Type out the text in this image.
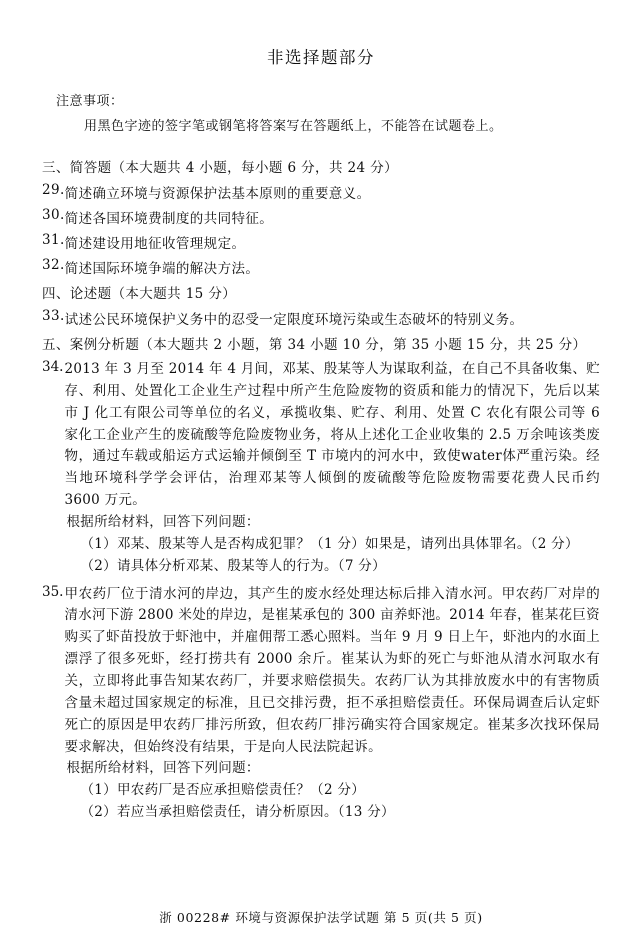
非选择题部分
注意事项：
用黑色字迹的签字笔或钢笔将答案写在答题纸上，不能答在试题卷上。
三、简答题（本大题共 4 小题，每小题 6 分，共 24 分）
29. 简述确立环境与资源保护法基本原则的重要意义。
30. 简述各国环境费制度的共同特征。
31. 简述建设用地征收管理规定。
32. 简述国际环境争端的解决方法。
四、论述题（本大题共 15 分）
33. 试述公民环境保护义务中的忍受一定限度环境污染或生态破坏的特别义务。
五、案例分析题（本大题共 2 小题，第 34 小题 10 分，第 35 小题 15 分，共 25 分）
34. 2013 年 3 月至 2014 年 4 月间，邓某、殷某等人为谋取利益，在自己不具备收集、贮存、利用、处置化工企业生产过程中所产生危险废物的资质和能力的情况下，先后以某市 J 化工有限公司等单位的名义，承揽收集、贮存、利用、处置 C 农化有限公司等 6 家化工企业产生的废硫酸等危险废物业务，将从上述化工企业收集的 2.5 万余吨该类废物，通过车载或船运方式运输并倾倒至 T 市境内的河水中，致使water体严重污染。经当地环境科学学会评估，治理邓某等人倾倒的废硫酸等危险废物需要花费人民币约 3600 万元。

根据所给材料，回答下列问题：

（1）邓某、殷某等人是否构成犯罪？（1 分）如果是，请列出具体罪名。（2 分）

（2）请具体分析邓某、殷某等人的行为。（7 分）

35. 甲农药厂位于清水河的岸边，其产生的废水经处理达标后排入清水河。甲农药厂对岸的清水河下游 2800 米处的岸边，是崔某承包的 300 亩养虾池。2014 年春，崔某花巨资购买了虾苗投放于虾池中，并雇佣帮工悉心照料。当年 9 月 9 日上午，虾池内的水面上漂浮了很多死虾，经打捞共有 2000 余斤。崔某认为虾的死亡与虾池从清水河取水有关，立即将此事告知某农药厂，并要求赔偿损失。农药厂认为其排放废水中的有害物质含量未超过国家规定的标准，且已交排污费，拒不承担赔偿责任。环保局调查后认定虾死亡的原因是甲农药厂排污所致，但农药厂排污确实符合国家规定。崔某多次找环保局要求解决，但始终没有结果，于是向人民法院起诉。

根据所给材料，回答下列问题：

（1）甲农药厂是否应承担赔偿责任？（2 分）

（2）若应当承担赔偿责任，请分析原因。（13 分）

浙 00228# 环境与资源保护法学试题 第 5 页(共 5 页)
